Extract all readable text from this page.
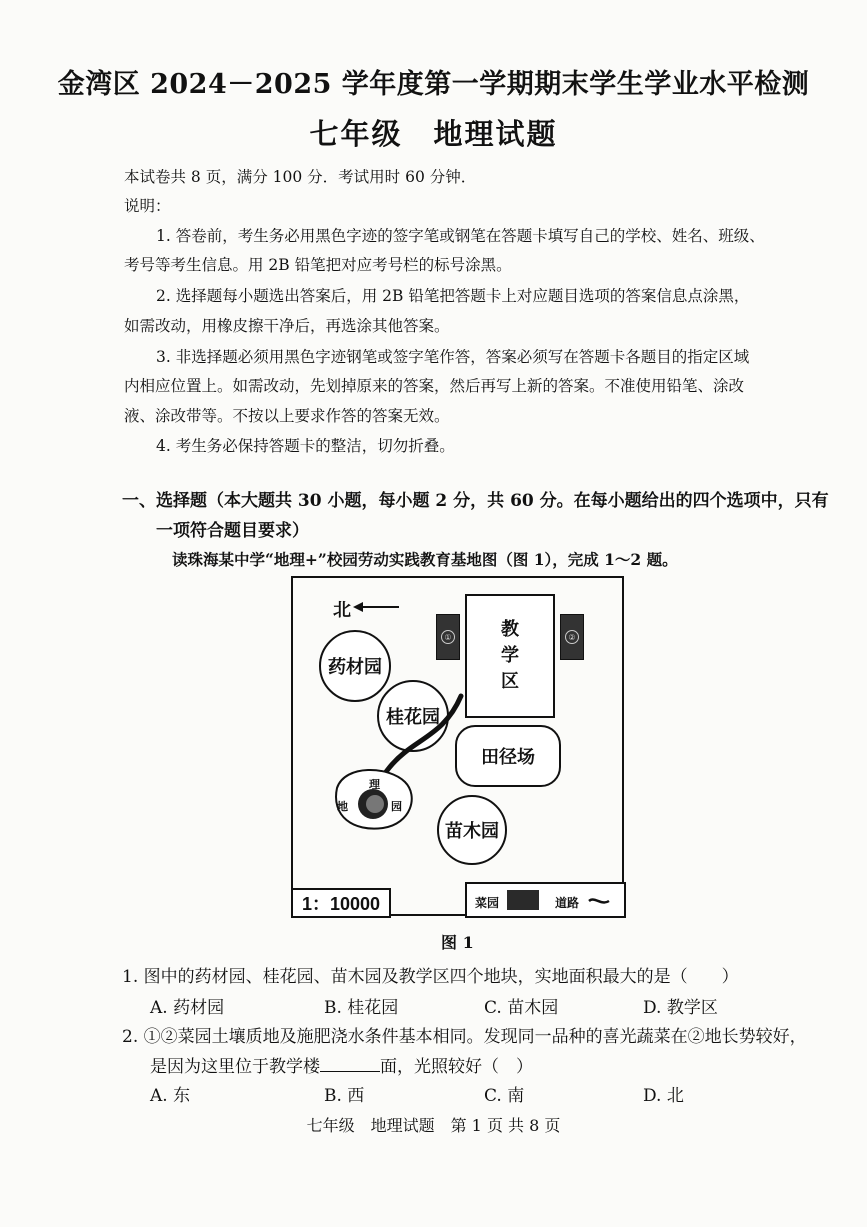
金湾区 2024－2025 学年度第一学期期末学生学业水平检测
七年级　地理试题
本试卷共 8 页，满分 100 分．考试用时 60 分钟．
说明：
1. 答卷前，考生务必用黑色字迹的签字笔或钢笔在答题卡填写自己的学校、姓名、班级、
考号等考生信息。用 2B 铅笔把对应考号栏的标号涂黑。
2. 选择题每小题选出答案后，用 2B 铅笔把答题卡上对应题目选项的答案信息点涂黑，
如需改动，用橡皮擦干净后，再选涂其他答案。
3. 非选择题必须用黑色字迹钢笔或签字笔作答，答案必须写在答题卡各题目的指定区域
内相应位置上。如需改动，先划掉原来的答案，然后再写上新的答案。不准使用铅笔、涂改
液、涂改带等。不按以上要求作答的答案无效。
4. 考生务必保持答题卡的整洁，切勿折叠。
一、选择题（本大题共 30 小题，每小题 2 分，共 60 分。在每小题给出的四个选项中，只有
一项符合题目要求）
读珠海某中学“地理+”校园劳动实践教育基地图（图 1），完成 1～2 题。
北
①	②
教
学
区
药材园
桂花园
田径场
苗木园
地
理
园
1：10000	菜园	道路
图 1
1. 图中的药材园、桂花园、苗木园及教学区四个地块，实地面积最大的是（　　）
A. 药材园	B. 桂花园	C. 苗木园	D. 教学区
2. ①②菜园土壤质地及施肥浇水条件基本相同。发现同一品种的喜光蔬菜在②地长势较好，
是因为这里位于教学楼	面，光照较好（　）
A. 东	B. 西	C. 南	D. 北
七年级　地理试题　第 1 页 共 8 页
